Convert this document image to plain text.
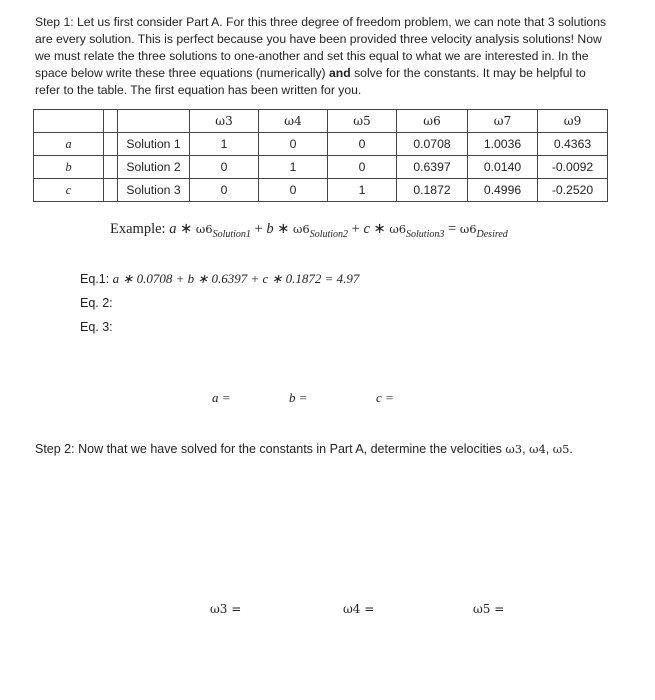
Step 1: Let us first consider Part A. For this three degree of freedom problem, we can note that 3 solutions are every solution. This is perfect because you have been provided three velocity analysis solutions! Now we must relate the three solutions to one-another and set this equal to what we are interested in. In the space below write these three equations (numerically) and solve for the constants. It may be helpful to refer to the table. The first equation has been written for you.
			ω3	ω4	ω5	ω6	ω7	ω9
a		Solution 1	1	0	0	0.0708	1.0036	0.4363
b		Solution 2	0	1	0	0.6397	0.0140	-0.0092
c		Solution 3	0	0	1	0.1872	0.4996	-0.2520
Example: a ∗ $\omega 6_{Solution1} + b$ ∗ $\omega 6_{Solution2} + c$ ∗ $\omega 6_{Solution3} = \omega 6_{Desired}$
Eq.1: a ∗ 0.0708 + b ∗ 0.6397 + c ∗ 0.1872 = 4.97
Eq. 2:
Eq. 3:
a =	b =	c =
Step 2: Now that we have solved for the constants in Part A, determine the velocities ω3, ω4, ω5.
ω3 =	ω4 =	ω5 =
